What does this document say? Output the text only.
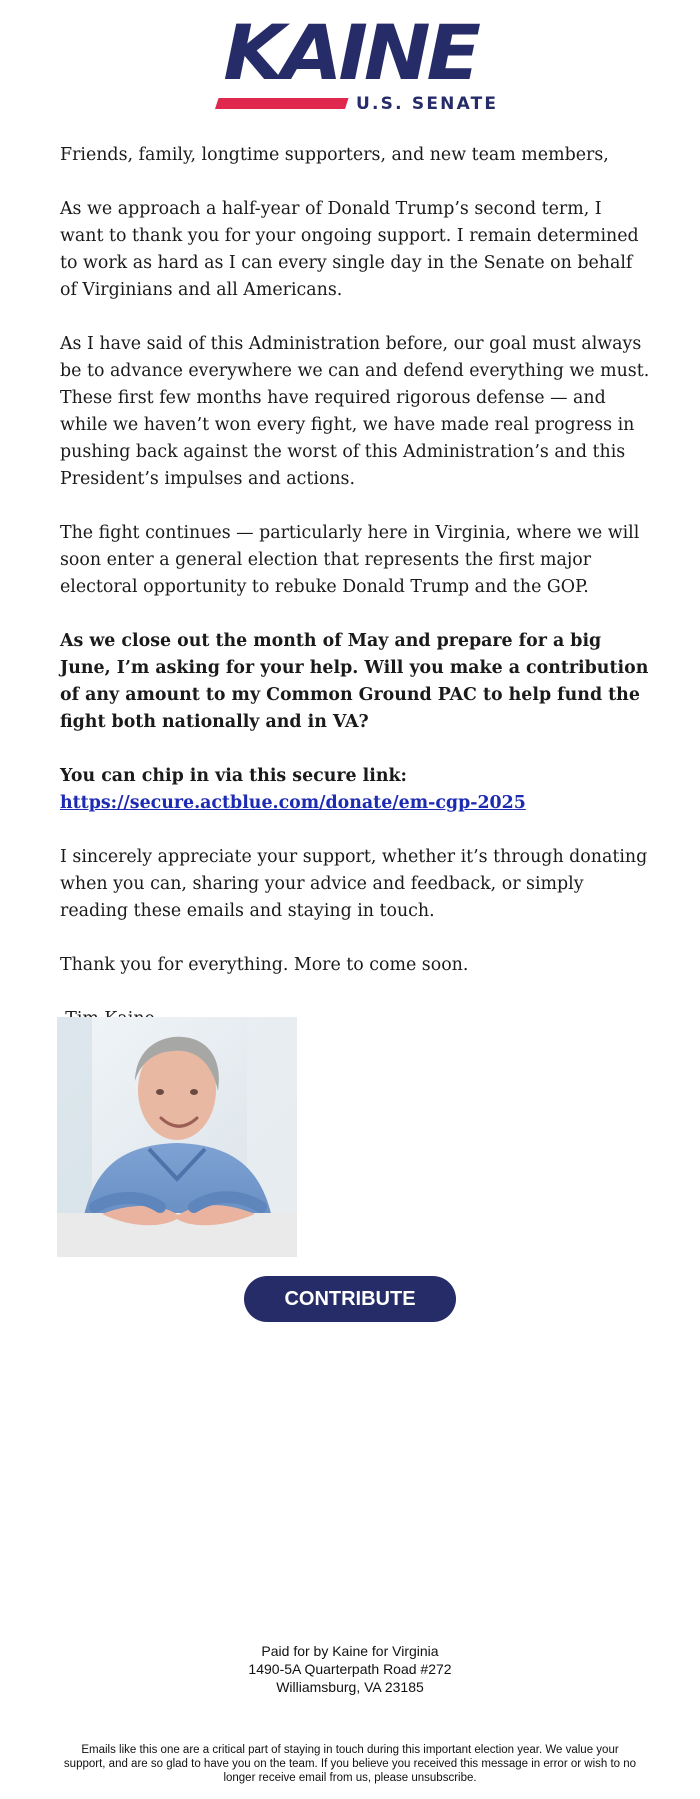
KAINE
U.S. SENATE

Friends, family, longtime supporters, and new team members,

As we approach a half-year of Donald Trump’s second term, I want to thank you for your ongoing support. I remain determined to work as hard as I can every single day in the Senate on behalf of Virginians and all Americans.

As I have said of this Administration before, our goal must always be to advance everywhere we can and defend everything we must. These first few months have required rigorous defense — and while we haven’t won every fight, we have made real progress in pushing back against the worst of this Administration’s and this President’s impulses and actions.

The fight continues — particularly here in Virginia, where we will soon enter a general election that represents the first major electoral opportunity to rebuke Donald Trump and the GOP.

As we close out the month of May and prepare for a big June, I’m asking for your help. Will you make a contribution of any amount to my Common Ground PAC to help fund the fight both nationally and in VA?

You can chip in via this secure link:
https://secure.actblue.com/donate/em-cgp-2025

I sincerely appreciate your support, whether it’s through donating when you can, sharing your advice and feedback, or simply reading these emails and staying in touch.

Thank you for everything. More to come soon.

CONTRIBUTE
Paid for by Kaine for Virginia
1490-5A Quarterpath Road #272
Williamsburg, VA 23185
Emails like this one are a critical part of staying in touch during this important election year. We value your support, and are so glad to have you on the team. If you believe you received this message in error or wish to no longer receive email from us, please unsubscribe.
